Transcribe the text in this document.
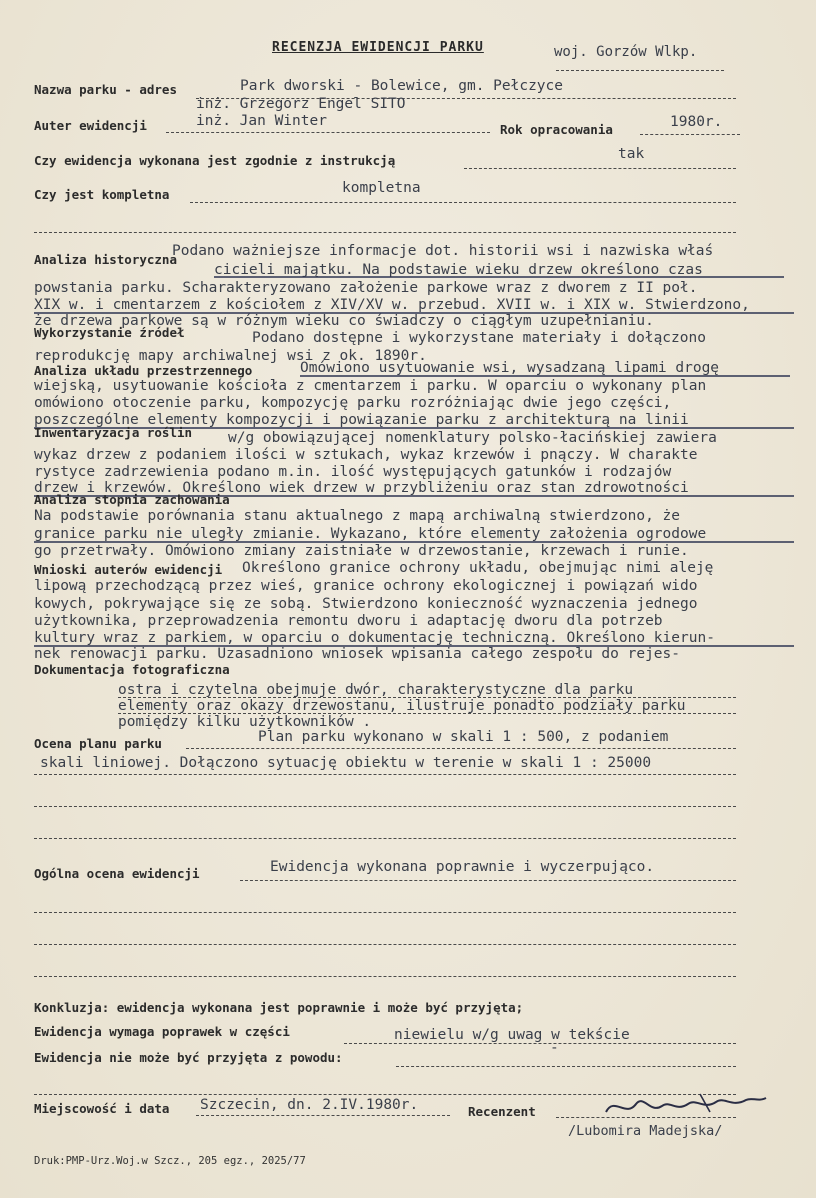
RECENZJA EWIDENCJI PARKU	woj. Gorzów Wlkp.
Nazwa parku - adres	Park dworski - Bolewice, gm. Pełczyce
inż. Grzegorz Engel SITO
Auter ewidencji	inż. Jan Winter
Rok opracowania	1980r.
Czy ewidencja wykonana jest zgodnie z instrukcją	tak
Czy jest kompletna	kompletna
Analiza historyczna
Podano ważniejsze informacje dot. historii wsi i nazwiska właś
cicieli majątku. Na podstawie wieku drzew określono czas
powstania parku. Scharakteryzowano założenie parkowe wraz z dworem z II poł.
XIX w. i cmentarzem z kościołem z XIV/XV w. przebud. XVII w. i XIX w. Stwierdzono,
że drzewa parkowe są w różnym wieku co świadczy o ciągłym uzupełnianiu.
Wykorzystanie źródeł	Podano dostępne i wykorzystane materiały i dołączono
reprodukcję mapy archiwalnej wsi z ok. 1890r.
Analiza układu przestrzennego	Omówiono usytuowanie wsi, wysadzaną lipami drogę
wiejską, usytuowanie kościoła z cmentarzem i parku. W oparciu o wykonany plan
omówiono otoczenie parku, kompozycję parku rozróżniając dwie jego części,
poszczególne elementy kompozycji i powiązanie parku z architekturą na linii
Inwentaryzacja roślin w/g obowiązującej nomenklatury polsko-łacińskiej zawiera
wykaz drzew z podaniem ilości w sztukach, wykaz krzewów i pnączy. W charakte
rystyce zadrzewienia podano m.in. ilość występujących gatunków i rodzajów
drzew i krzewów. Określono wiek drzew w przybliżeniu oraz stan zdrowotności
Analiza stopnia zachowania
Na podstawie porównania stanu aktualnego z mapą archiwalną stwierdzono, że
granice parku nie uległy zmianie. Wykazano, które elementy założenia ogrodowe
go przetrwały. Omówiono zmiany zaistniałe w drzewostanie, krzewach i runie.
Wnioski auterów ewidencji Określono granice ochrony układu, obejmując nimi aleję
lipową przechodzącą przez wieś, granice ochrony ekologicznej i powiązań wido
kowych, pokrywające się ze sobą. Stwierdzono konieczność wyznaczenia jednego
użytkownika, przeprowadzenia remontu dworu i adaptację dworu dla potrzeb
kultury wraz z parkiem, w oparciu o dokumentację techniczną. Określono kierun-
nek renowacji parku. Uzasadniono wniosek wpisania całego zespołu do rejes-
Dokumentacja fotograficzna
ostra i czytelna obejmuje dwór, charakterystyczne dla parku
elementy oraz okazy drzewostanu, ilustruje ponadto podziały parku
pomiędzy kilku użytkowników .
Ocena planu parku	Plan parku wykonano w skali 1 : 500, z podaniem
skali liniowej. Dołączono sytuację obiektu w terenie w skali 1 : 25000
Ogólna ocena ewidencji	Ewidencja wykonana poprawnie i wyczerpująco.
Konkluzja: ewidencja wykonana jest poprawnie i może być przyjęta;
Ewidencja wymaga poprawek w części	niewielu w/g uwag w tekście
Ewidencja nie może być przyjęta z powodu:
-
Miejscowość i data Szczecin, dn. 2.IV.1980r.	Recenzent
/Lubomira Madejska/
Druk:PMP-Urz.Woj.w Szcz., 205 egz., 2025/77
